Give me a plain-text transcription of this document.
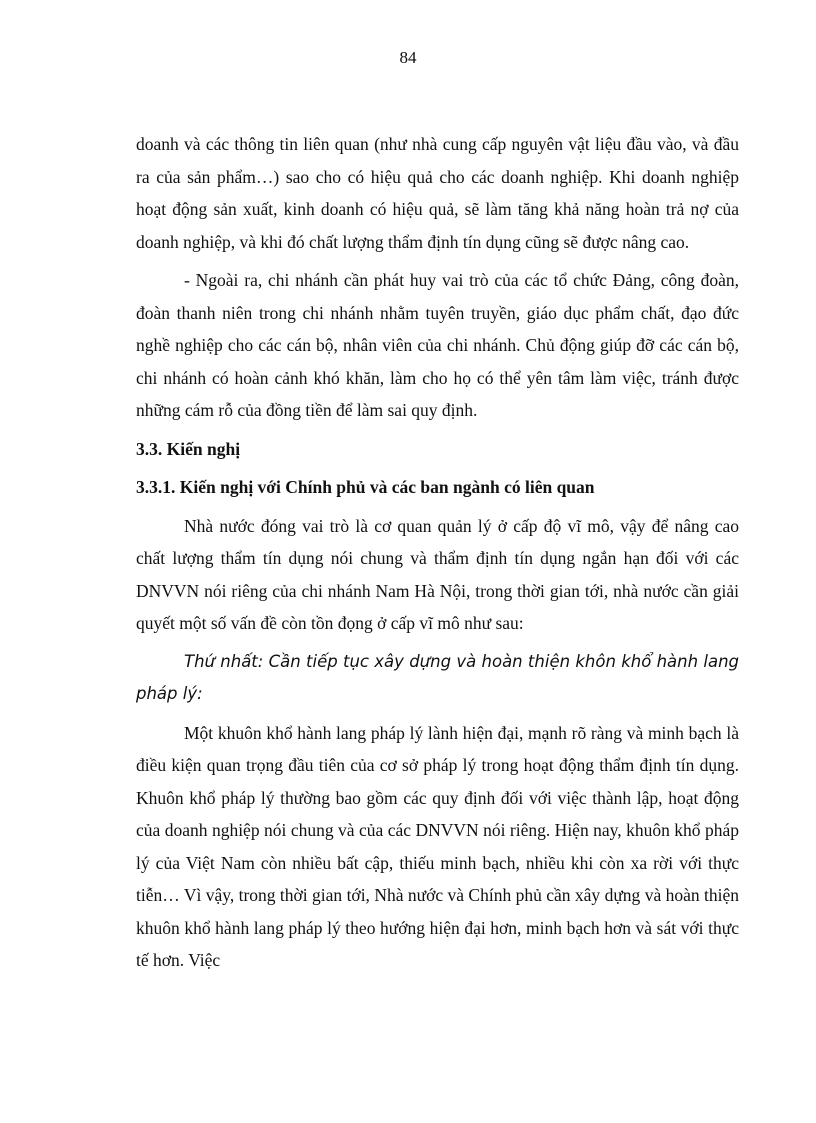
84

doanh và các thông tin liên quan (như nhà cung cấp nguyên vật liệu đầu vào, và đầu ra của sản phẩm…) sao cho có hiệu quả cho các doanh nghiệp. Khi doanh nghiệp hoạt động sản xuất, kinh doanh có hiệu quả, sẽ làm tăng khả năng hoàn trả nợ của doanh nghiệp, và khi đó chất lượng thẩm định tín dụng cũng sẽ được nâng cao.

- Ngoài ra, chi nhánh cần phát huy vai trò của các tổ chức Đảng, công đoàn, đoàn thanh niên trong chi nhánh nhằm tuyên truyền, giáo dục phẩm chất, đạo đức nghề nghiệp cho các cán bộ, nhân viên của chi nhánh. Chủ động giúp đỡ các cán bộ, chi nhánh có hoàn cảnh khó khăn, làm cho họ có thể yên tâm làm việc, tránh được những cám rỗ của đồng tiền để làm sai quy định.

3.3. Kiến nghị

3.3.1. Kiến nghị với Chính phủ và các ban ngành có liên quan

Nhà nước đóng vai trò là cơ quan quản lý ở cấp độ vĩ mô, vậy để nâng cao chất lượng thẩm tín dụng nói chung và thẩm định tín dụng ngắn hạn đối với các DNVVN nói riêng của chi nhánh Nam Hà Nội, trong thời gian tới, nhà nước cần giải quyết một số vấn đề còn tồn đọng ở cấp vĩ mô như sau:

Thứ nhất: Cần tiếp tục xây dựng và hoàn thiện khôn khổ hành lang pháp lý:

Một khuôn khổ hành lang pháp lý lành hiện đại, mạnh rõ ràng và minh bạch là điều kiện quan trọng đầu tiên của cơ sở pháp lý trong hoạt động thẩm định tín dụng. Khuôn khổ pháp lý thường bao gồm các quy định đối với việc thành lập, hoạt động của doanh nghiệp nói chung và của các DNVVN nói riêng. Hiện nay, khuôn khổ pháp lý của Việt Nam còn nhiều bất cập, thiếu minh bạch, nhiều khi còn xa rời với thực tiễn… Vì vậy, trong thời gian tới, Nhà nước và Chính phủ cần xây dựng và hoàn thiện khuôn khổ hành lang pháp lý theo hướng hiện đại hơn, minh bạch hơn và sát với thực tế hơn. Việc
